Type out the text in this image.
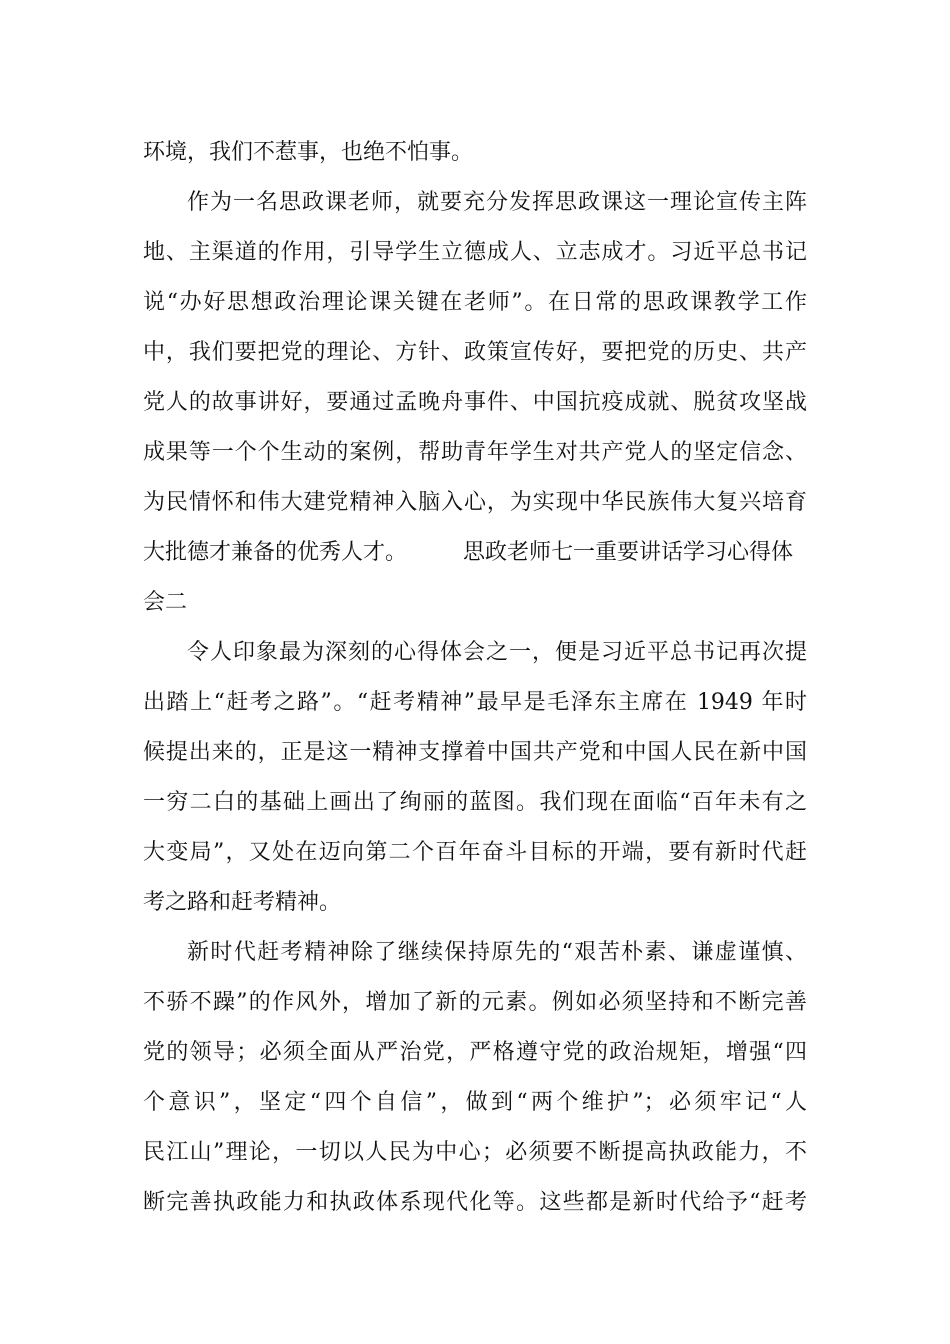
环境，我们不惹事，也绝不怕事。
作为一名思政课老师，就要充分发挥思政课这一理论宣传主阵
地、主渠道的作用，引导学生立德成人、立志成才。习近平总书记
说“办好思想政治理论课关键在老师”。在日常的思政课教学工作
中，我们要把党的理论、方针、政策宣传好，要把党的历史、共产
党人的故事讲好，要通过孟晚舟事件、中国抗疫成就、脱贫攻坚战
成果等一个个生动的案例，帮助青年学生对共产党人的坚定信念、
为民情怀和伟大建党精神入脑入心，为实现中华民族伟大复兴培育
大批德才兼备的优秀人才。        思政老师七一重要讲话学习心得体
会二
令人印象最为深刻的心得体会之一，便是习近平总书记再次提
出踏上“赶考之路”。“赶考精神”最早是毛泽东主席在 1949 年时
候提出来的，正是这一精神支撑着中国共产党和中国人民在新中国
一穷二白的基础上画出了绚丽的蓝图。我们现在面临“百年未有之
大变局”，又处在迈向第二个百年奋斗目标的开端，要有新时代赶
考之路和赶考精神。
新时代赶考精神除了继续保持原先的“艰苦朴素、谦虚谨慎、
不骄不躁”的作风外，增加了新的元素。例如必须坚持和不断完善
党的领导；必须全面从严治党，严格遵守党的政治规矩，增强“四
个意识”，坚定“四个自信”，做到“两个维护”；必须牢记“人
民江山”理论，一切以人民为中心；必须要不断提高执政能力，不
断完善执政能力和执政体系现代化等。这些都是新时代给予“赶考
